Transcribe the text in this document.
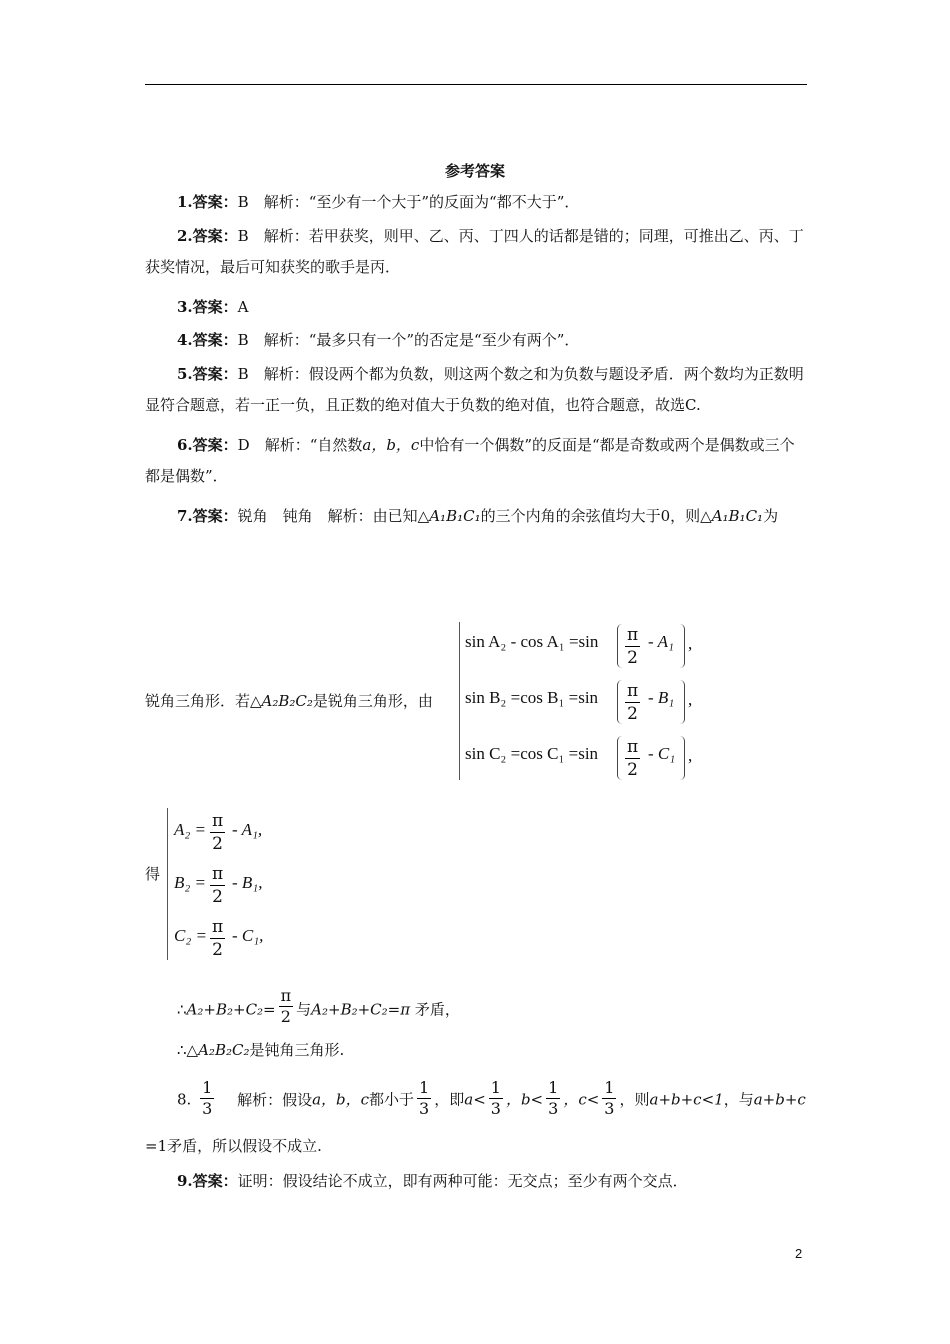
参考答案
1.答案：B　解析：“至少有一个大于”的反面为“都不大于”．
2.答案：B　解析：若甲获奖，则甲、乙、丙、丁四人的话都是错的；同理，可推出乙、丙、丁获奖情况，最后可知获奖的歌手是丙．
3.答案：A
4.答案：B　解析：“最多只有一个”的否定是“至少有两个”．
5.答案：B　解析：假设两个都为负数，则这两个数之和为负数与题设矛盾．两个数均为正数明显符合题意，若一正一负，且正数的绝对值大于负数的绝对值，也符合题意，故选C.
6.答案：D　解析：“自然数a，b，c中恰有一个偶数”的反面是“都是奇数或两个是偶数或三个都是偶数”．
7.答案：锐角　钝角　解析：由已知△A₁B₁C₁的三个内角的余弦值均大于0，则△A₁B₁C₁为
锐角三角形．若△A₂B₂C₂是锐角三角形，由
$\sin A_2 - \cos A_1 =\sin \frac{\pi}{2} - A_1$ ,
sin B₂ =cos $B_1 =\sin \frac{\pi}{2} - B_1$ ,
sin C₂ =cos $C_1 =\sin \frac{\pi}{2} - C_1$ ,
得
$A_2 = \frac{\pi}{2} - A_1$,
$B_2 = \frac{\pi}{2} - B_1$,
$C_2 = \frac{\pi}{2} - C_1$,
∴A₂+B₂+C₂= $\frac{\pi}{2}$ 与A₂+B₂+C₂=π 矛盾，
∴△A₂B₂C₂是钝角三角形.
8. $\frac{1}{3}$ 解析：假设a，b，c都小于 $\frac{1}{3}$ ，即$a< \frac{1}{3}$ ，$b< \frac{1}{3}$ ，$c< \frac{1}{3}$ ，则a+b+c<1，与a+b+c
=1矛盾，所以假设不成立.
9.答案：证明：假设结论不成立，即有两种可能：无交点；至少有两个交点．
2
